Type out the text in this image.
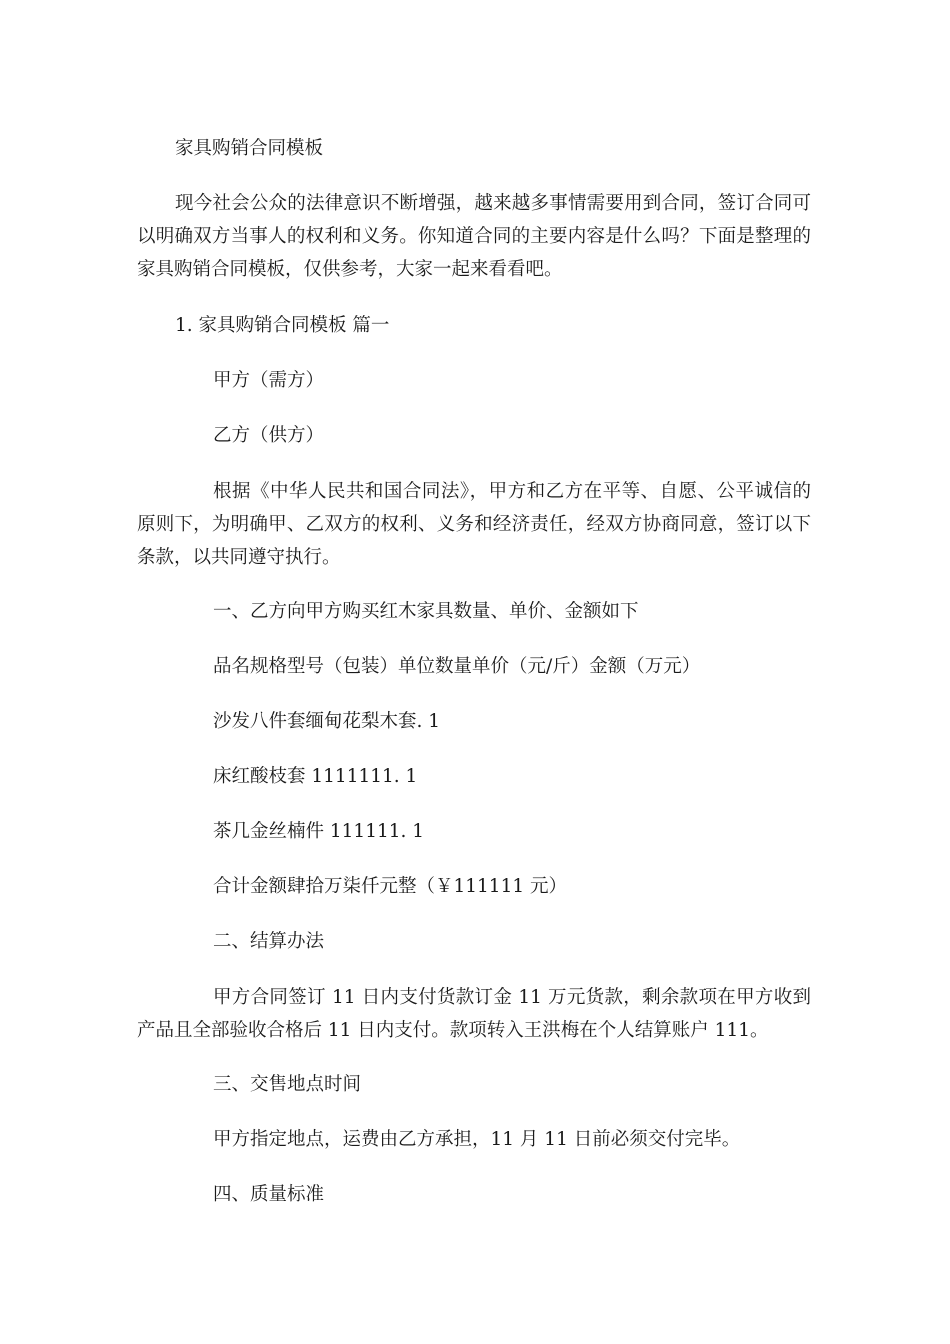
家具购销合同模板

现今社会公众的法律意识不断增强，越来越多事情需要用到合同，签订合同可以明确双方当事人的权利和义务。你知道合同的主要内容是什么吗？下面是整理的家具购销合同模板，仅供参考，大家一起来看看吧。

1. 家具购销合同模板 篇一

甲方（需方）

乙方（供方）

根据《中华人民共和国合同法》，甲方和乙方在平等、自愿、公平诚信的原则下，为明确甲、乙双方的权利、义务和经济责任，经双方协商同意，签订以下条款，以共同遵守执行。

一、乙方向甲方购买红木家具数量、单价、金额如下

品名规格型号（包装）单位数量单价（元/斤）金额（万元）

沙发八件套缅甸花梨木套. 1

床红酸枝套 1111111. 1

茶几金丝楠件 111111. 1

合计金额肆拾万柒仟元整（￥111111 元）

二、结算办法

甲方合同签订 11 日内支付货款订金 11 万元货款，剩余款项在甲方收到产品且全部验收合格后 11 日内支付。款项转入王洪梅在个人结算账户 111。

三、交售地点时间

甲方指定地点，运费由乙方承担，11 月 11 日前必须交付完毕。

四、质量标准
